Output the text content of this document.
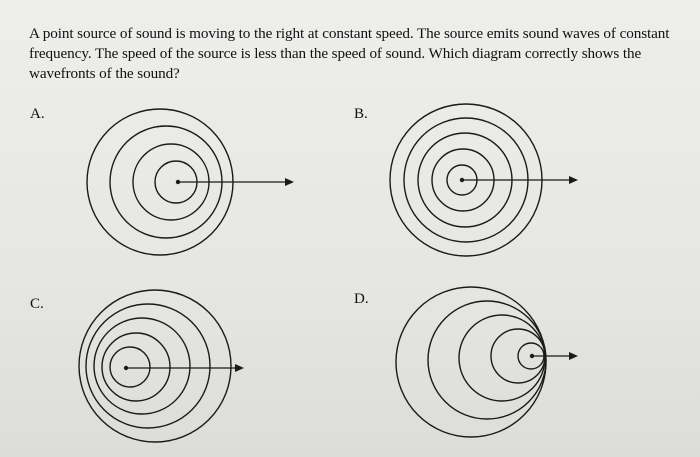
A point source of sound is moving to the right at constant speed. The source emits sound waves of constant frequency. The speed of the source is less than the speed of sound. Which diagram correctly shows the wavefronts of the sound?

A.	B.
C.	D.
